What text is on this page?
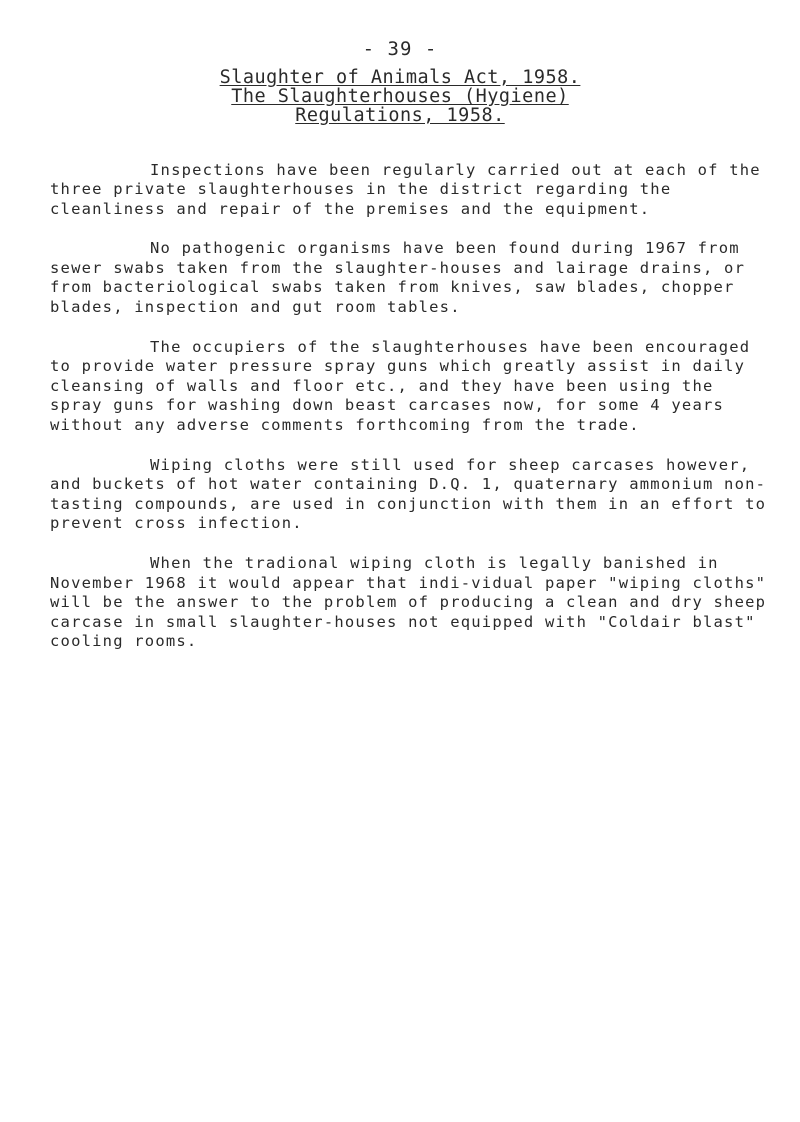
- 39 -
Slaughter of Animals Act, 1958.
The Slaughterhouses (Hygiene)
Regulations, 1958.

Inspections have been regularly carried out at each of the three private slaughterhouses in the district regarding the cleanliness and repair of the premises and the equipment.

No pathogenic organisms have been found during 1967 from sewer swabs taken from the slaughter-houses and lairage drains, or from bacteriological swabs taken from knives, saw blades, chopper blades, inspection and gut room tables.

The occupiers of the slaughterhouses have been encouraged to provide water pressure spray guns which greatly assist in daily cleansing of walls and floor etc., and they have been using the spray guns for washing down beast carcases now, for some 4 years without any adverse comments forthcoming from the trade.

Wiping cloths were still used for sheep carcases however, and buckets of hot water containing D.Q. 1, quaternary ammonium non-tasting compounds, are used in conjunction with them in an effort to prevent cross infection.

When the tradional wiping cloth is legally banished in November 1968 it would appear that indi-vidual paper "wiping cloths" will be the answer to the problem of producing a clean and dry sheep carcase in small slaughter-houses not equipped with "Coldair blast" cooling rooms.
